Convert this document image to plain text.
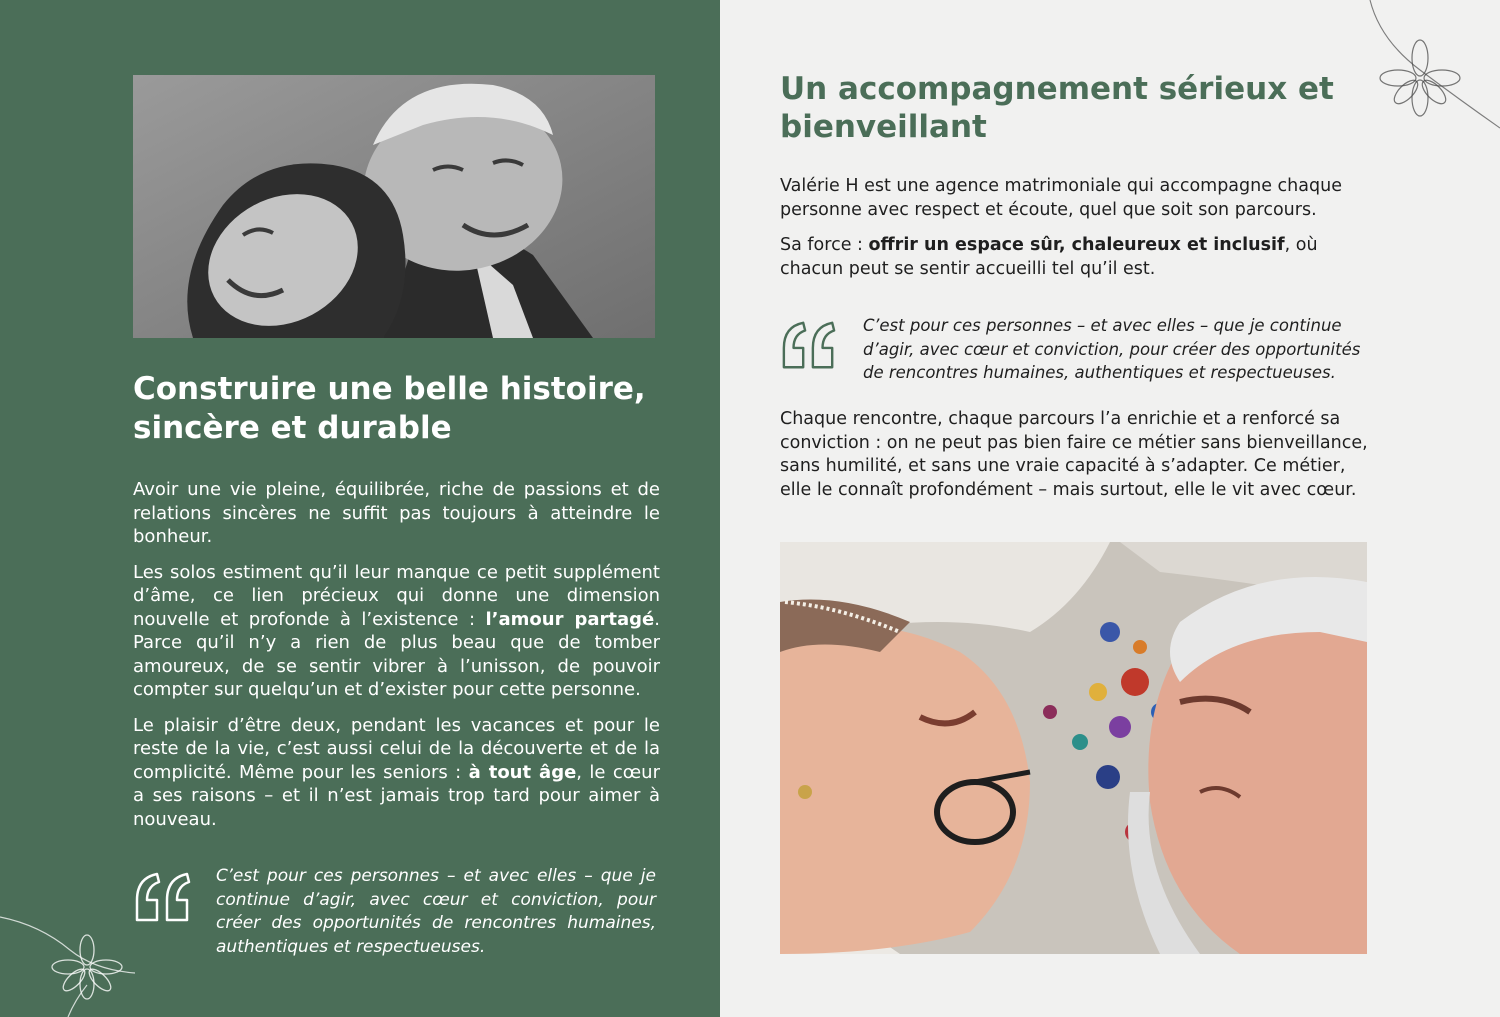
Construire une belle histoire, sincère et durable

Avoir une vie pleine, équilibrée, riche de passions et de relations sincères ne suffit pas toujours à atteindre le bonheur.

Les solos estiment qu’il leur manque ce petit supplément d’âme, ce lien précieux qui donne une dimension nouvelle et profonde à l’existence : l’amour partagé. Parce qu’il n’y a rien de plus beau que de tomber amoureux, de se sentir vibrer à l’unisson, de pouvoir compter sur quelqu’un et d’exister pour cette personne.

Le plaisir d’être deux, pendant les vacances et pour le reste de la vie, c’est aussi celui de la découverte et de la complicité. Même pour les seniors : à tout âge, le cœur a ses raisons – et il n’est jamais trop tard pour aimer à nouveau.

C’est pour ces personnes – et avec elles – que je continue d’agir, avec cœur et conviction, pour créer des opportunités de rencontres humaines, authentiques et respectueuses.

Un accompagnement sérieux et bienveillant

Valérie H est une agence matrimoniale qui accompagne chaque personne avec respect et écoute, quel que soit son parcours.

Sa force : offrir un espace sûr, chaleureux et inclusif, où chacun peut se sentir accueilli tel qu’il est.

C’est pour ces personnes – et avec elles – que je continue d’agir, avec cœur et conviction, pour créer des opportunités de rencontres humaines, authentiques et respectueuses.

Chaque rencontre, chaque parcours l’a enrichie et a renforcé sa conviction : on ne peut pas bien faire ce métier sans bienveillance, sans humilité, et sans une vraie capacité à s’adapter. Ce métier, elle le connaît profondément – mais surtout, elle le vit avec cœur.
